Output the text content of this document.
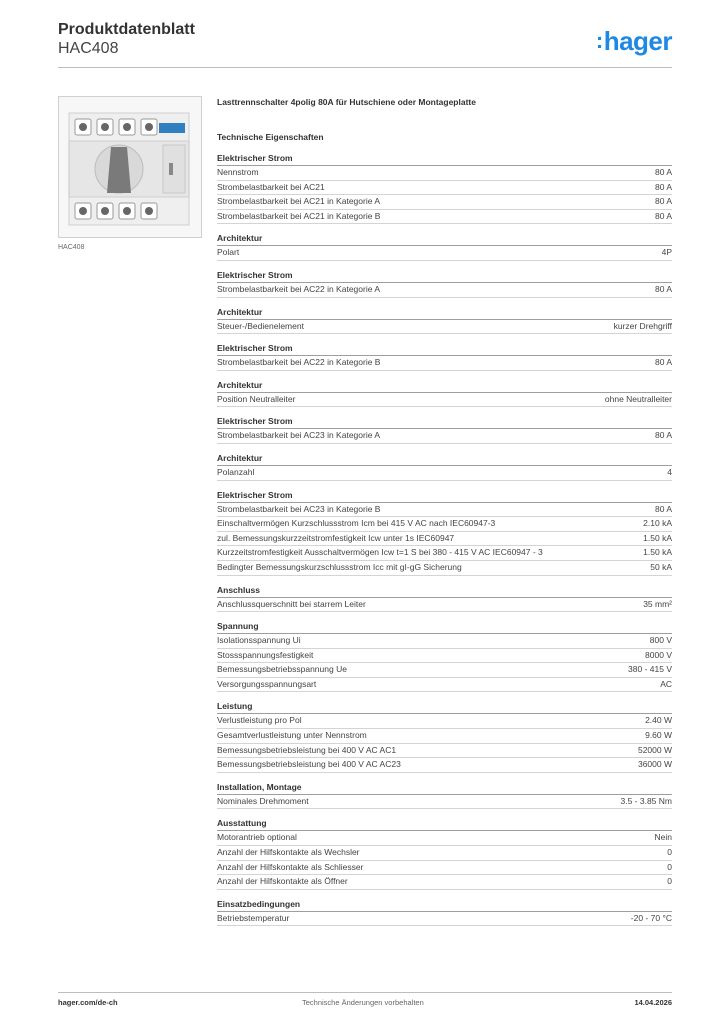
Produktdatenblatt
HAC408	:hager
HAC408
Lasttrennschalter 4polig 80A für Hutschiene oder Montageplatte
Technische Eigenschaften
Elektrischer Strom
Nennstrom	80 A
Strombelastbarkeit bei AC21	80 A
Strombelastbarkeit bei AC21 in Kategorie A	80 A
Strombelastbarkeit bei AC21 in Kategorie B	80 A
Architektur
Polart	4P
Elektrischer Strom
Strombelastbarkeit bei AC22 in Kategorie A	80 A
Architektur
Steuer-/Bedienelement	kurzer Drehgriff
Elektrischer Strom
Strombelastbarkeit bei AC22 in Kategorie B	80 A
Architektur
Position Neutralleiter	ohne Neutralleiter
Elektrischer Strom
Strombelastbarkeit bei AC23 in Kategorie A	80 A
Architektur
Polanzahl	4
Elektrischer Strom
Strombelastbarkeit bei AC23 in Kategorie B	80 A
Einschaltvermögen Kurzschlussstrom Icm bei 415 V AC nach IEC60947-3	2.10 kA
zul. Bemessungskurzzeitstromfestigkeit Icw unter 1s IEC60947	1.50 kA
Kurzzeitstromfestigkeit Ausschaltvermögen Icw t=1 S bei 380 - 415 V AC IEC60947 - 3	1.50 kA
Bedingter Bemessungskurzschlussstrom Icc mit gI-gG Sicherung	50 kA
Anschluss
Anschlussquerschnitt bei starrem Leiter	35 mm²
Spannung
Isolationsspannung Ui	800 V
Stossspannungsfestigkeit	8000 V
Bemessungsbetriebsspannung Ue	380 - 415 V
Versorgungsspannungsart	AC
Leistung
Verlustleistung pro Pol	2.40 W
Gesamtverlustleistung unter Nennstrom	9.60 W
Bemessungsbetriebsleistung bei 400 V AC AC1	52000 W
Bemessungsbetriebsleistung bei 400 V AC AC23	36000 W
Installation, Montage
Nominales Drehmoment	3.5 - 3.85 Nm
Ausstattung
Motorantrieb optional	Nein
Anzahl der Hilfskontakte als Wechsler	0
Anzahl der Hilfskontakte als Schliesser	0
Anzahl der Hilfskontakte als Öffner	0
Einsatzbedingungen
Betriebstemperatur	-20 - 70 °C
hager.com/de-ch	Technische Änderungen vorbehalten	14.04.2026
